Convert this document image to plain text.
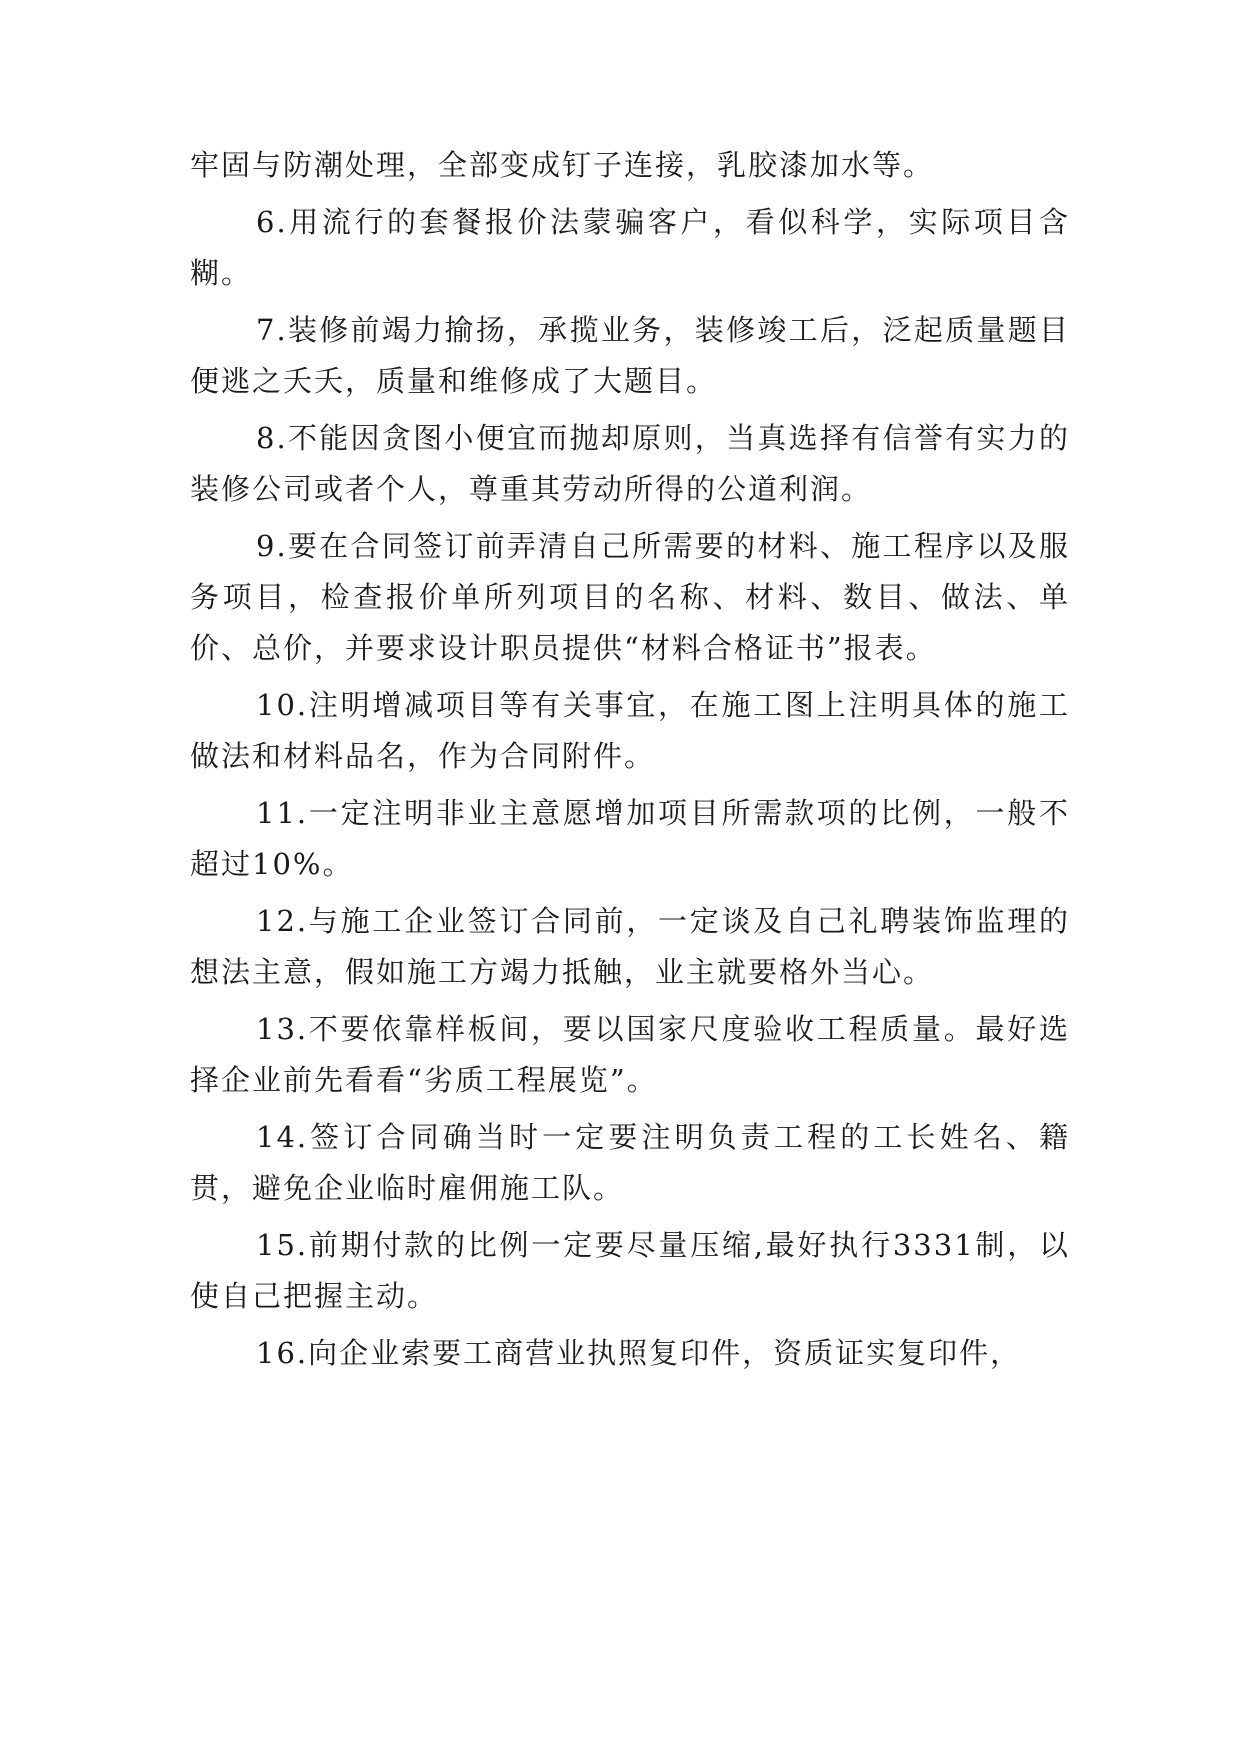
牢固与防潮处理，全部变成钉子连接，乳胶漆加水等。

6.用流行的套餐报价法蒙骗客户，看似科学，实际项目含糊。

7.装修前竭力揄扬，承揽业务，装修竣工后，泛起质量题目便逃之夭夭，质量和维修成了大题目。

8.不能因贪图小便宜而抛却原则，当真选择有信誉有实力的装修公司或者个人，尊重其劳动所得的公道利润。

9.要在合同签订前弄清自己所需要的材料、施工程序以及服务项目，检查报价单所列项目的名称、材料、数目、做法、单价、总价，并要求设计职员提供“材料合格证书”报表。

10.注明增减项目等有关事宜，在施工图上注明具体的施工做法和材料品名，作为合同附件。

11.一定注明非业主意愿增加项目所需款项的比例，一般不超过10%。

12.与施工企业签订合同前，一定谈及自己礼聘装饰监理的想法主意，假如施工方竭力抵触，业主就要格外当心。

13.不要依靠样板间，要以国家尺度验收工程质量。最好选择企业前先看看“劣质工程展览”。

14.签订合同确当时一定要注明负责工程的工长姓名、籍贯，避免企业临时雇佣施工队。

15.前期付款的比例一定要尽量压缩,最好执行3331制，以使自己把握主动。

16.向企业索要工商营业执照复印件，资质证实复印件，
